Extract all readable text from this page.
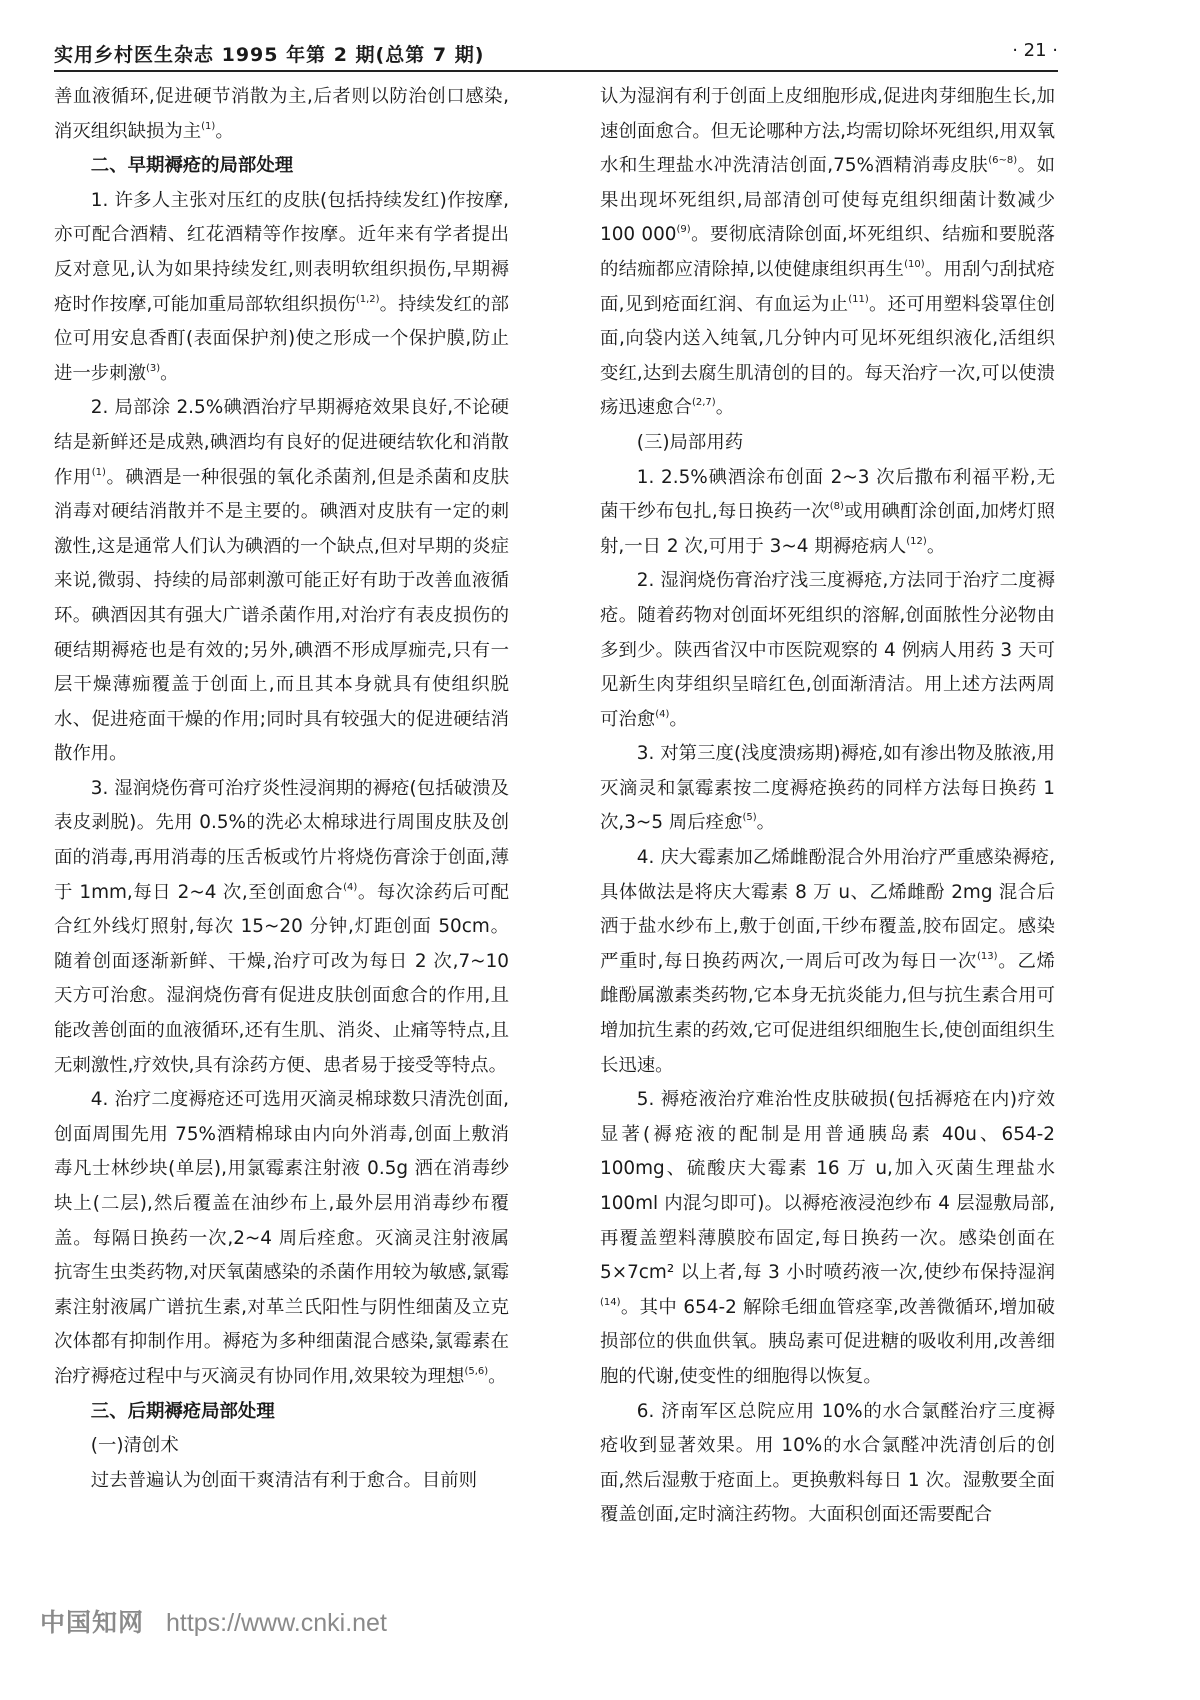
实用乡村医生杂志 1995 年第 2 期(总第 7 期)	· 21 ·

善血液循环,促进硬节消散为主,后者则以防治创口感染,消灭组织缺损为主$^{(1)}$。

二、早期褥疮的局部处理

1. 许多人主张对压红的皮肤(包括持续发红)作按摩,亦可配合酒精、红花酒精等作按摩。近年来有学者提出反对意见,认为如果持续发红,则表明软组织损伤,早期褥疮时作按摩,可能加重局部软组织损伤$^{(1,2)}$。持续发红的部位可用安息香酊(表面保护剂)使之形成一个保护膜,防止进一步刺激$^{(3)}$。

2. 局部涂 2.5%碘酒治疗早期褥疮效果良好,不论硬结是新鲜还是成熟,碘酒均有良好的促进硬结软化和消散作用$^{(1)}$。碘酒是一种很强的氧化杀菌剂,但是杀菌和皮肤消毒对硬结消散并不是主要的。碘酒对皮肤有一定的刺激性,这是通常人们认为碘酒的一个缺点,但对早期的炎症来说,微弱、持续的局部刺激可能正好有助于改善血液循环。碘酒因其有强大广谱杀菌作用,对治疗有表皮损伤的硬结期褥疮也是有效的;另外,碘酒不形成厚痂壳,只有一层干燥薄痂覆盖于创面上,而且其本身就具有使组织脱水、促进疮面干燥的作用;同时具有较强大的促进硬结消散作用。

3. 湿润烧伤膏可治疗炎性浸润期的褥疮(包括破溃及表皮剥脱)。先用 0.5%的洗必太棉球进行周围皮肤及创面的消毒,再用消毒的压舌板或竹片将烧伤膏涂于创面,薄于 1mm,每日 2~4 次,至创面愈合$^{(4)}$。每次涂药后可配合红外线灯照射,每次 15~20 分钟,灯距创面 50cm。随着创面逐渐新鲜、干燥,治疗可改为每日 2 次,7~10 天方可治愈。湿润烧伤膏有促进皮肤创面愈合的作用,且能改善创面的血液循环,还有生肌、消炎、止痛等特点,且无刺激性,疗效快,具有涂药方便、患者易于接受等特点。

4. 治疗二度褥疮还可选用灭滴灵棉球数只清洗创面,创面周围先用 75%酒精棉球由内向外消毒,创面上敷消毒凡士林纱块(单层),用氯霉素注射液 0.5g 洒在消毒纱块上(二层),然后覆盖在油纱布上,最外层用消毒纱布覆盖。每隔日换药一次,2~4 周后痊愈。灭滴灵注射液属抗寄生虫类药物,对厌氧菌感染的杀菌作用较为敏感,氯霉素注射液属广谱抗生素,对革兰氏阳性与阴性细菌及立克次体都有抑制作用。褥疮为多种细菌混合感染,氯霉素在治疗褥疮过程中与灭滴灵有协同作用,效果较为理想$^{(5,6)}$。

三、后期褥疮局部处理

(一)清创术

过去普遍认为创面干爽清洁有利于愈合。目前则

认为湿润有利于创面上皮细胞形成,促进肉芽细胞生长,加速创面愈合。但无论哪种方法,均需切除坏死组织,用双氧水和生理盐水冲洗清洁创面,75%酒精消毒皮肤$^{(6\sim 8)}$。如果出现坏死组织,局部清创可使每克组织细菌计数减少 100 000$^{(9)}$。要彻底清除创面,坏死组织、结痂和要脱落的结痂都应清除掉,以使健康组织再生$^{(10)}$。用刮勺刮拭疮面,见到疮面红润、有血运为止$^{(11)}$。还可用塑料袋罩住创面,向袋内送入纯氧,几分钟内可见坏死组织液化,活组织变红,达到去腐生肌清创的目的。每天治疗一次,可以使溃疡迅速愈合$^{(2,7)}$。

(三)局部用药

1. 2.5%碘酒涂布创面 2~3 次后撒布利福平粉,无菌干纱布包扎,每日换药一次$^{(8)}$或用碘酊涂创面,加烤灯照射,一日 2 次,可用于 3~4 期褥疮病人$^{(12)}$。

2. 湿润烧伤膏治疗浅三度褥疮,方法同于治疗二度褥疮。随着药物对创面坏死组织的溶解,创面脓性分泌物由多到少。陕西省汉中市医院观察的 4 例病人用药 3 天可见新生肉芽组织呈暗红色,创面渐清洁。用上述方法两周可治愈$^{(4)}$。

3. 对第三度(浅度溃疡期)褥疮,如有渗出物及脓液,用灭滴灵和氯霉素按二度褥疮换药的同样方法每日换药 1 次,3~5 周后痊愈$^{(5)}$。

4. 庆大霉素加乙烯雌酚混合外用治疗严重感染褥疮,具体做法是将庆大霉素 8 万 u、乙烯雌酚 2mg 混合后洒于盐水纱布上,敷于创面,干纱布覆盖,胶布固定。感染严重时,每日换药两次,一周后可改为每日一次$^{(13)}$。乙烯雌酚属激素类药物,它本身无抗炎能力,但与抗生素合用可增加抗生素的药效,它可促进组织细胞生长,使创面组织生长迅速。

5. 褥疮液治疗难治性皮肤破损(包括褥疮在内)疗效显著(褥疮液的配制是用普通胰岛素 40u、654-2 100mg、硫酸庆大霉素 16 万 u,加入灭菌生理盐水 100ml 内混匀即可)。以褥疮液浸泡纱布 4 层湿敷局部,再覆盖塑料薄膜胶布固定,每日换药一次。感染创面在 5×7cm² 以上者,每 3 小时喷药液一次,使纱布保持湿润$^{(14)}$。其中 654-2 解除毛细血管痉挛,改善微循环,增加破损部位的供血供氧。胰岛素可促进糖的吸收利用,改善细胞的代谢,使变性的细胞得以恢复。

6. 济南军区总院应用 10%的水合氯醛治疗三度褥疮收到显著效果。用 10%的水合氯醛冲洗清创后的创面,然后湿敷于疮面上。更换敷料每日 1 次。湿敷要全面覆盖创面,定时滴注药物。大面积创面还需要配合

中国知网 https://www.cnki.net
